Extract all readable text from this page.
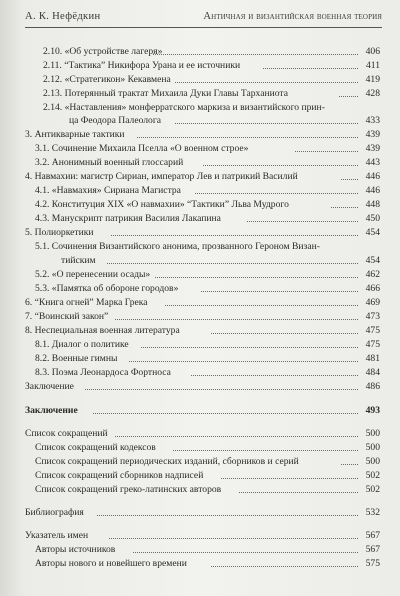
А. К. Нефёдкин	Античная и византийская военная теория
2.10. «Об устройстве лагеря»	406
2.11. “Тактика” Никифора Урана и ее источники	411
2.12. «Стратегикон» Кекавмена	419
2.13. Потерянный трактат Михаила Дуки Главы Тарханиота	428
2.14. «Наставления» монферратского маркиза и византийского прин-
ца Феодора Палеолога	433
3. Антикварные тактики	439
3.1. Сочинение Михаила Пселла «О военном строе»	439
3.2. Анонимный военный глоссарий	443
4. Навмахии: магистр Сириан, император Лев и патрикий Василий	446
4.1. «Навмахия» Сириана Магистра	446
4.2. Конституция XIX «О навмахии» “Тактики” Льва Мудрого	448
4.3. Манускрипт патрикия Василия Лакапина	450
5. Полиоркетики	454
5.1. Сочинения Византийского анонима, прозванного Героном Визан-
тийским	454
5.2. «О перенесении осады»	462
5.3. «Памятка об обороне городов»	466
6. “Книга огней” Марка Грека	469
7. “Воинский закон”	473
8. Неспециальная военная литература	475
8.1. Диалог о политике	475
8.2. Военные гимны	481
8.3. Поэма Леонардоса Фортноса	484
Заключение	486
Заключение	493
Список сокращений	500
Список сокращений кодексов	500
Список сокращений периодических изданий, сборников и серий	500
Список сокращений сборников надписей	502
Список сокращений греко-латинских авторов	502
Библиография	532
Указатель имен	567
Авторы источников	567
Авторы нового и новейшего времени	575
